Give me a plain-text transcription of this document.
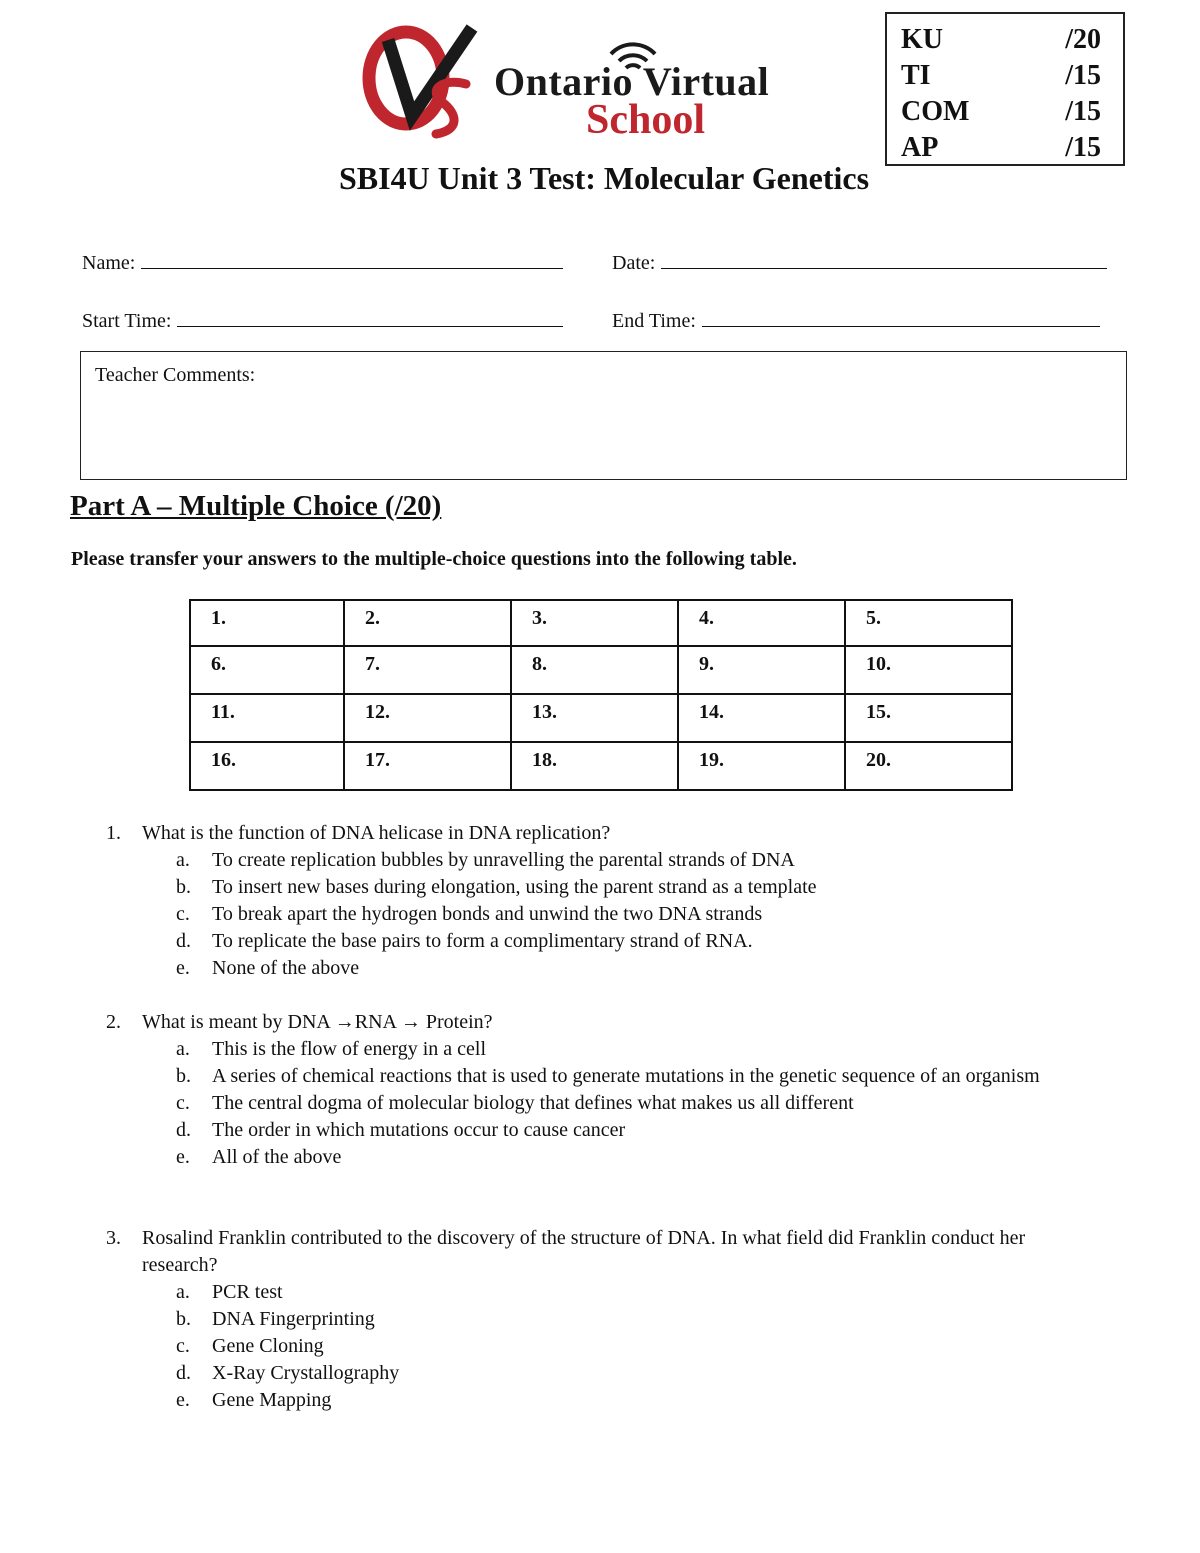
Ontario Virtual
School
KU	/20
TI	/15
COM	/15
AP	/15
SBI4U Unit 3 Test: Molecular Genetics
Name:	Date:
Start Time:	End Time:
Teacher Comments:
Part A – Multiple Choice (/20)
Please transfer your answers to the multiple-choice questions into the following table.
1.	2.	3.	4.	5.
6.	7.	8.	9.	10.
11.	12.	13.	14.	15.
16.	17.	18.	19.	20.
1. What is the function of DNA helicase in DNA replication?
a. To create replication bubbles by unravelling the parental strands of DNA
b. To insert new bases during elongation, using the parent strand as a template
c. To break apart the hydrogen bonds and unwind the two DNA strands
d. To replicate the base pairs to form a complimentary strand of RNA.
e. None of the above
2. What is meant by DNA →RNA → Protein?
a. This is the flow of energy in a cell
b. A series of chemical reactions that is used to generate mutations in the genetic sequence of an organism
c. The central dogma of molecular biology that defines what makes us all different
d. The order in which mutations occur to cause cancer
e. All of the above
3. Rosalind Franklin contributed to the discovery of the structure of DNA. In what field did Franklin conduct her research?
a. PCR test
b. DNA Fingerprinting
c. Gene Cloning
d. X-Ray Crystallography
e. Gene Mapping
